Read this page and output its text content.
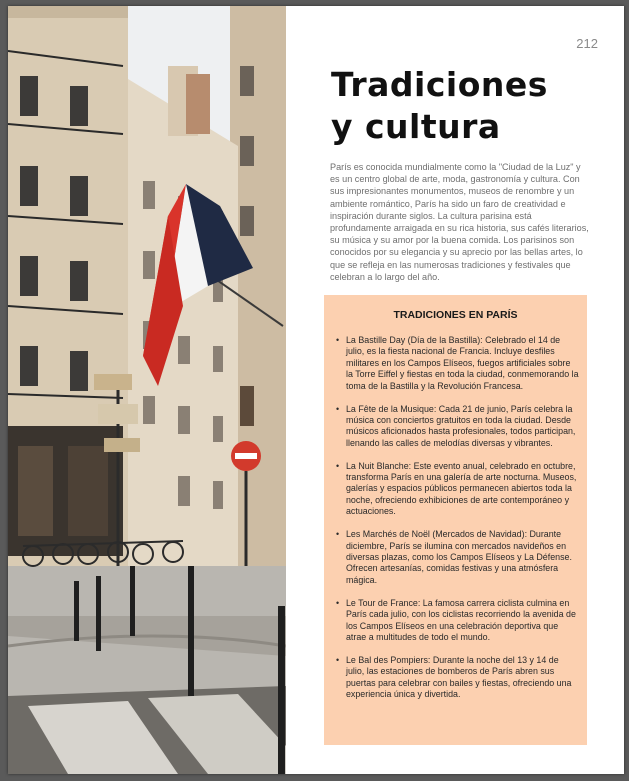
212
Tradiciones
y cultura

París es conocida mundialmente como la "Ciudad de la Luz" y es un centro global de arte, moda, gastronomía y cultura. Con sus impresionantes monumentos, museos de renombre y un ambiente romántico, París ha sido un faro de creatividad e inspiración durante siglos. La cultura parisina está profundamente arraigada en su rica historia, sus cafés literarios, su música y su amor por la buena comida. Los parisinos son conocidos por su elegancia y su aprecio por las bellas artes, lo que se refleja en las numerosas tradiciones y festivales que celebran a lo largo del año.

TRADICIONES EN PARÍS
• La Bastille Day (Día de la Bastilla): Celebrado el 14 de julio, es la fiesta nacional de Francia. Incluye desfiles militares en los Campos Elíseos, fuegos artificiales sobre la Torre Eiffel y fiestas en toda la ciudad, conmemorando la toma de la Bastilla y la Revolución Francesa.
• La Fête de la Musique: Cada 21 de junio, París celebra la música con conciertos gratuitos en toda la ciudad. Desde músicos aficionados hasta profesionales, todos participan, llenando las calles de melodías diversas y vibrantes.
• La Nuit Blanche: Este evento anual, celebrado en octubre, transforma París en una galería de arte nocturna. Museos, galerías y espacios públicos permanecen abiertos toda la noche, ofreciendo exhibiciones de arte contemporáneo y actuaciones.
• Les Marchés de Noël (Mercados de Navidad): Durante diciembre, París se ilumina con mercados navideños en diversas plazas, como los Campos Elíseos y La Défense. Ofrecen artesanías, comidas festivas y una atmósfera mágica.
• Le Tour de France: La famosa carrera ciclista culmina en París cada julio, con los ciclistas recorriendo la avenida de los Campos Elíseos en una celebración deportiva que atrae a multitudes de todo el mundo.
• Le Bal des Pompiers: Durante la noche del 13 y 14 de julio, las estaciones de bomberos de París abren sus puertas para celebrar con bailes y fiestas, ofreciendo una experiencia única y divertida.
